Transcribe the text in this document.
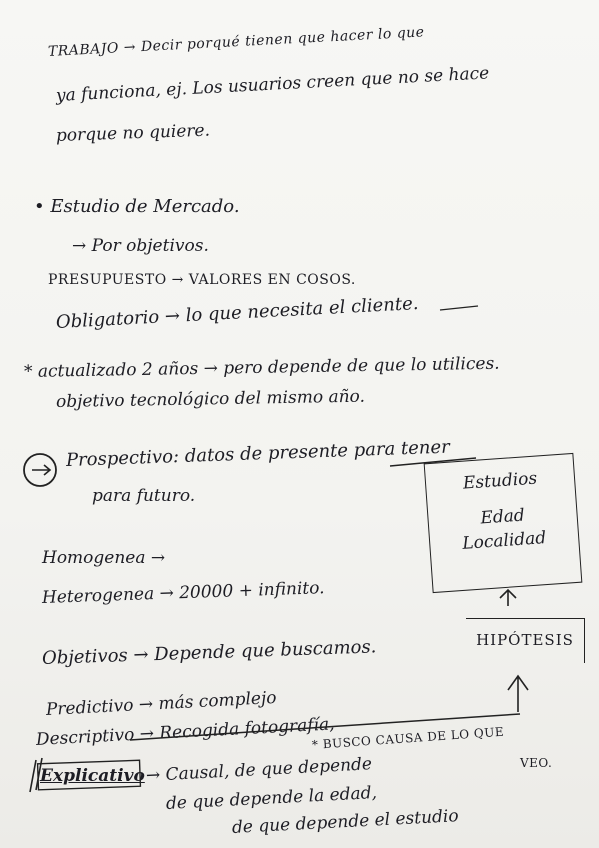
TRABAJO → Decir porqué tienen que hacer lo que
ya funciona, ej. Los usuarios creen que no se hace
porque no quiere.
• Estudio de Mercado.
→ Por objetivos.
PRESUPUESTO → VALORES EN COSOS.
Obligatorio → lo que necesita el cliente.
* actualizado 2 años → pero depende de que lo utilices.
objetivo tecnológico del mismo año.
Prospectivo: datos de presente para tener
para futuro.
Homogenea →
Heterogenea → 20000 + infinito.
Objetivos → Depende que buscamos.
Predictivo → más complejo
Descriptivo → Recogida fotografía,
* BUSCO CAUSA DE LO QUE
VEO.
Explicativo → Causal, de que depende
de que depende la edad,
de que depende el estudio
Estudios
Edad
Localidad
HIPÓTESIS
